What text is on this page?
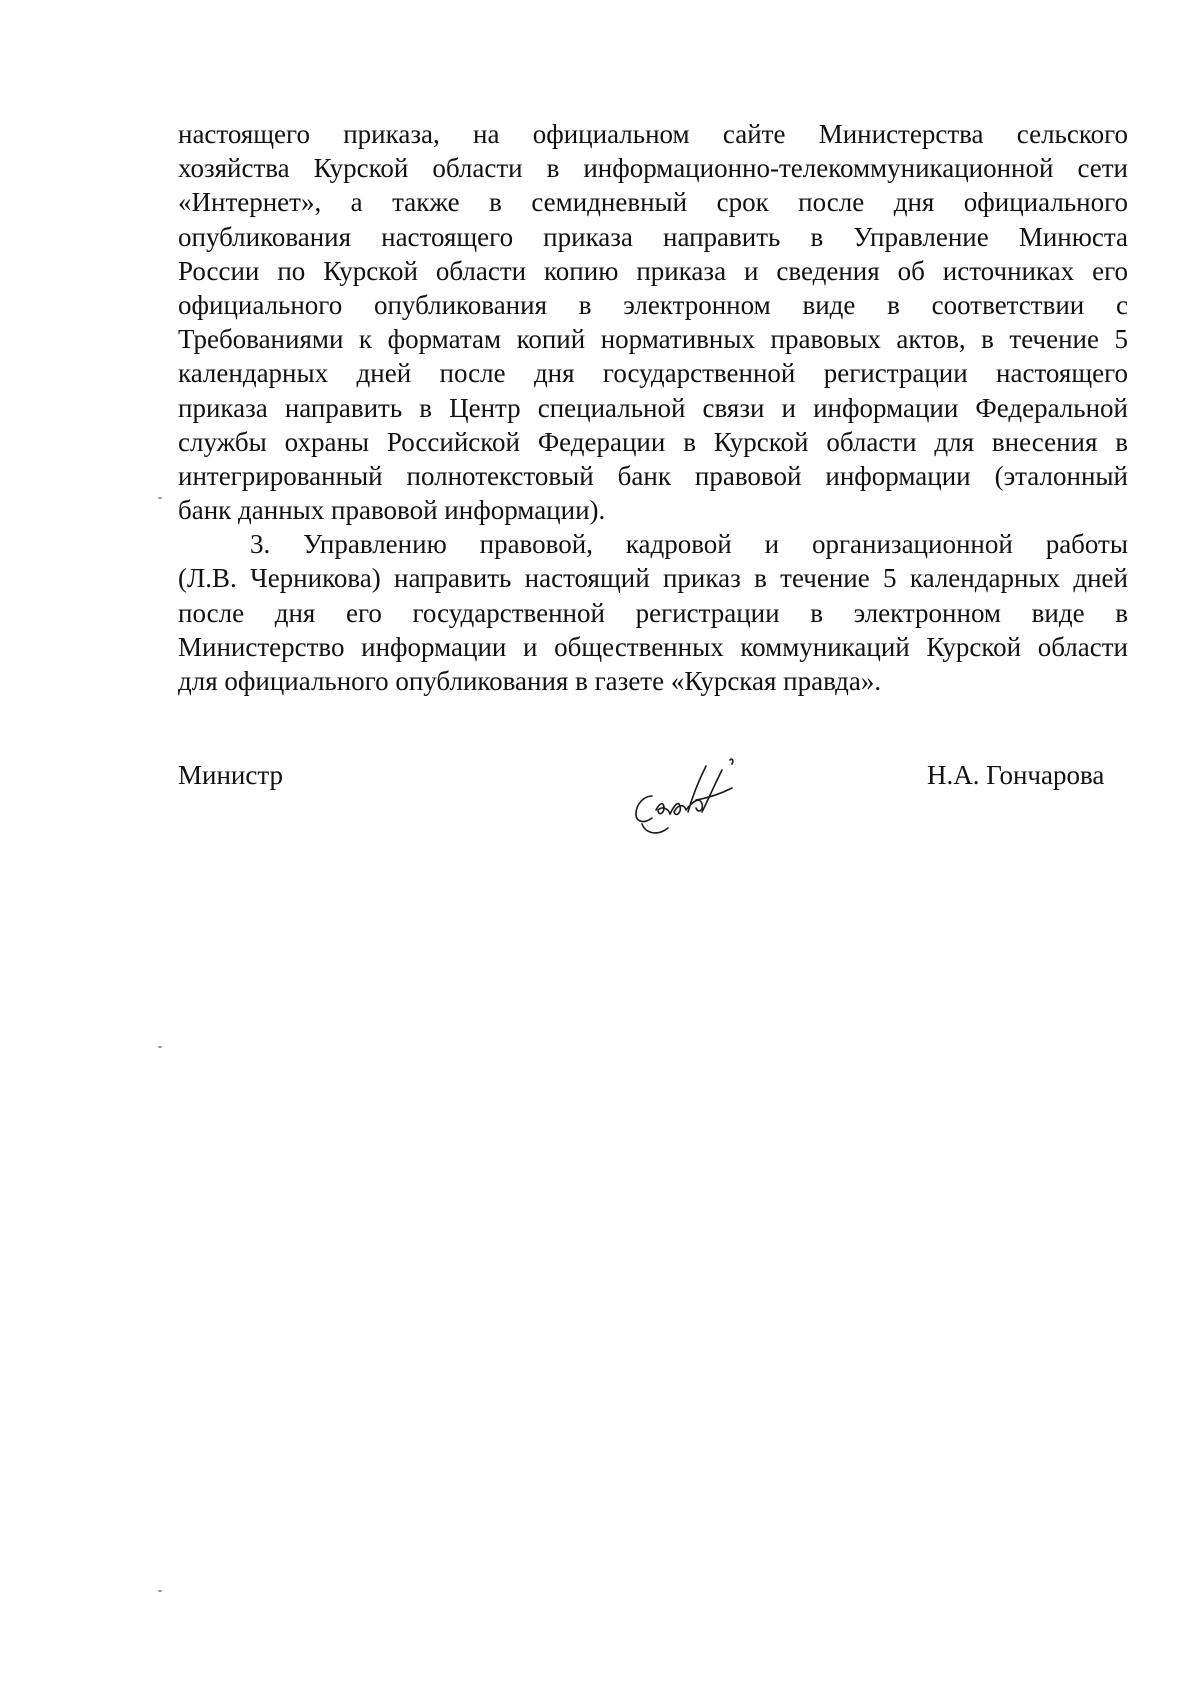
настоящего приказа, на официальном сайте Министерства сельского
хозяйства Курской области в информационно-телекоммуникационной сети
«Интернет», а также в семидневный срок после дня официального
опубликования настоящего приказа направить в Управление Минюста
России по Курской области копию приказа и сведения об источниках его
официального опубликования в электронном виде в соответствии с
Требованиями к форматам копий нормативных правовых актов, в течение 5
календарных дней после дня государственной регистрации настоящего
приказа направить в Центр специальной связи и информации Федеральной
службы охраны Российской Федерации в Курской области для внесения в
интегрированный полнотекстовый банк правовой информации (эталонный
банк данных правовой информации).
3. Управлению правовой, кадровой и организационной работы
(Л.В. Черникова) направить настоящий приказ в течение 5 календарных дней
после дня его государственной регистрации в электронном виде в
Министерство информации и общественных коммуникаций Курской области
для официального опубликования в газете «Курская правда».
Министр	Н.А. Гончарова
